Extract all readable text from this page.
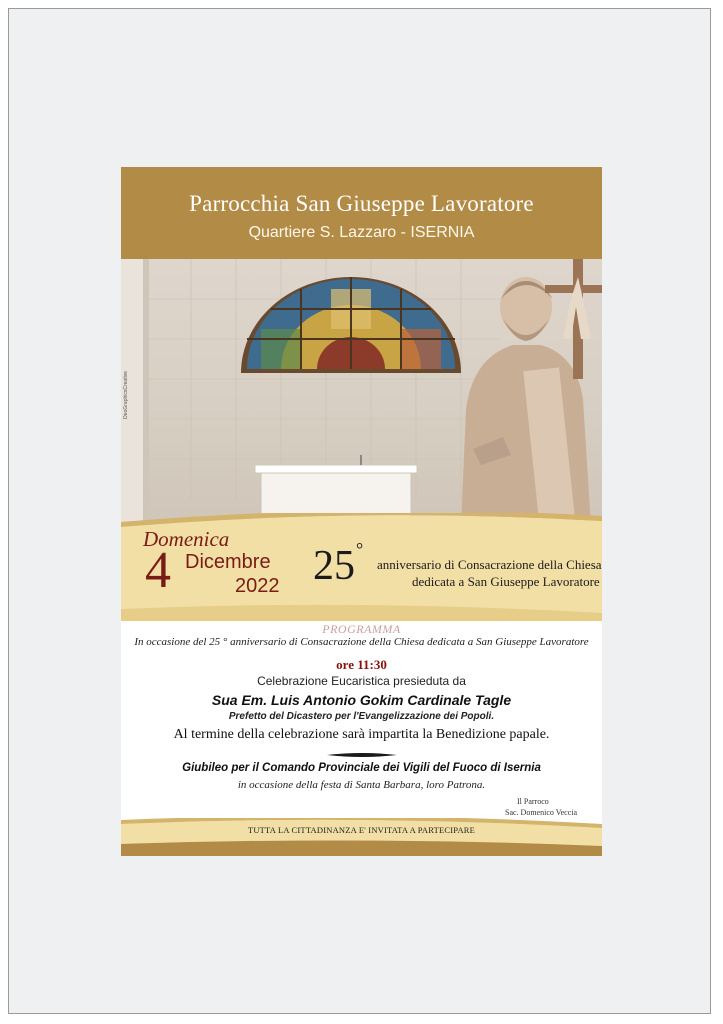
Parrocchia San Giuseppe Lavoratore
Quartiere S. Lazzaro - ISERNIA
DeoGraphicsCreative
Domenica
4 Dicembre
2022 25 °
anniversario di Consacrazione della Chiesa
dedicata a San Giuseppe Lavoratore
PROGRAMMA
In occasione del 25 ° anniversario di Consacrazione della Chiesa dedicata a San Giuseppe Lavoratore
ore 11:30
Celebrazione Eucaristica presieduta da
Sua Em. Luis Antonio Gokim Cardinale Tagle
Prefetto del Dicastero per l'Evangelizzazione dei Popoli.
Al termine della celebrazione sarà impartita la Benedizione papale.
Giubileo per il Comando Provinciale dei Vigili del Fuoco di Isernia
in occasione della festa di Santa Barbara, loro Patrona.
Il Parroco
Sac. Domenico Veccia
TUTTA LA CITTADINANZA E' INVITATA A PARTECIPARE
